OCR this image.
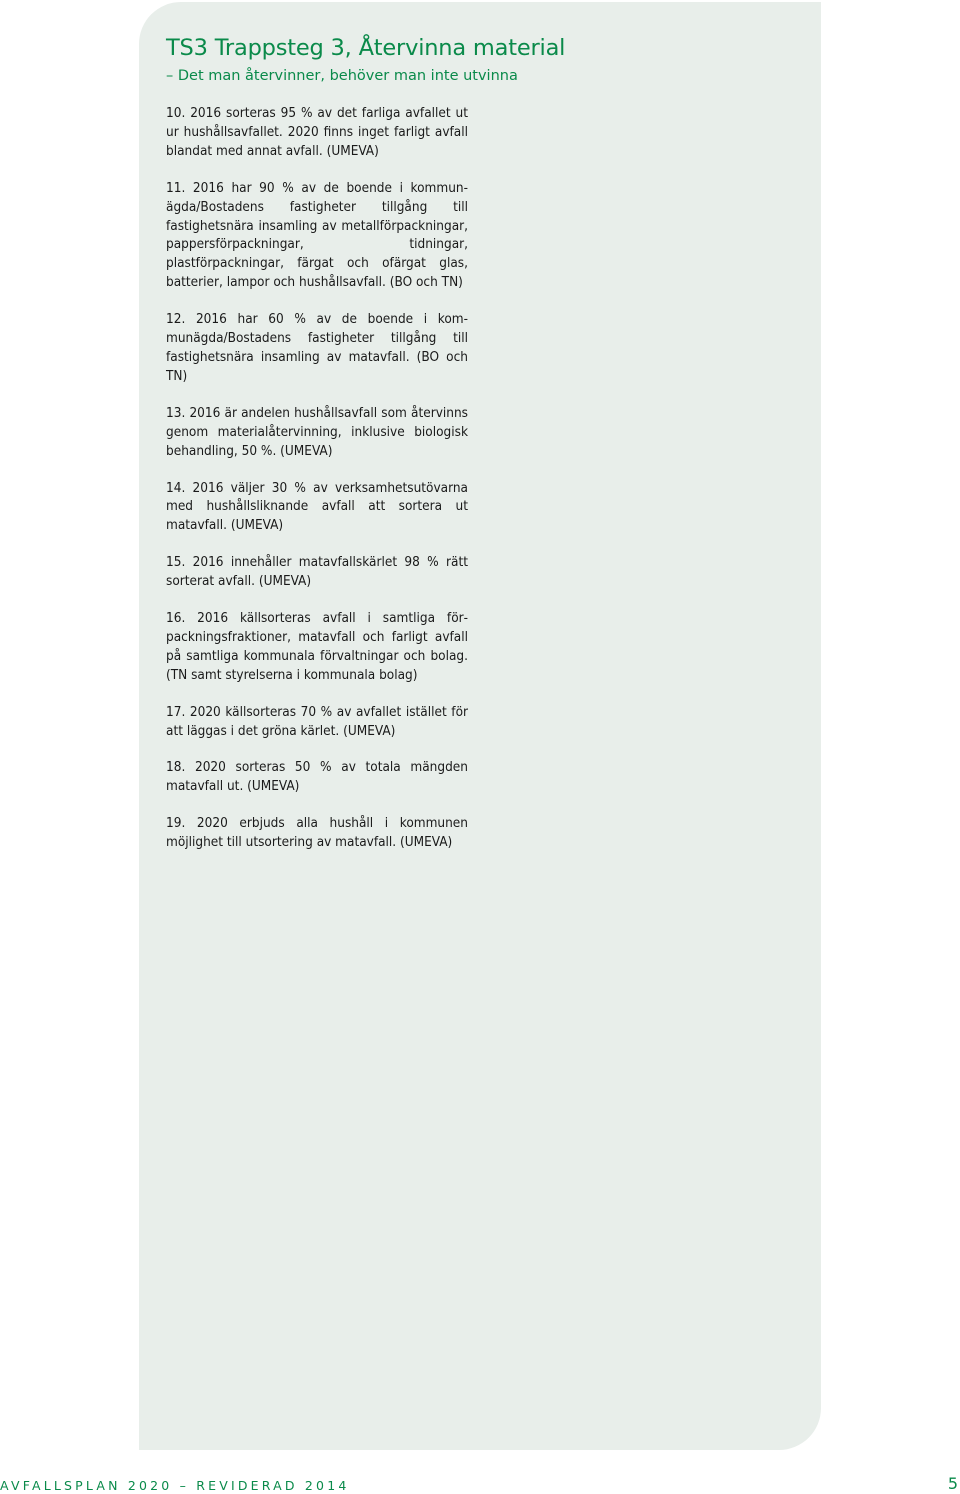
TS3 Trappsteg 3, Återvinna material

– Det man återvinner, behöver man inte utvinna

10. 2016 sorteras 95 % av det farliga avfallet ut ur hushållsavfallet. 2020 finns inget farligt avfall blandat med annat avfall. (UMEVA)

11. 2016 har 90 % av de boende i kommunägda/Bostadens fastigheter tillgång till fastighetsnära insamling av metallförpackningar, pappersförpackningar, tidningar, plastförpackningar, färgat och ofärgat glas, batterier, lampor och hushållsavfall. (BO och TN)

12. 2016 har 60 % av de boende i kommunägda/Bostadens fastigheter tillgång till fastighetsnära insamling av matavfall. (BO och TN)

13. 2016 är andelen hushållsavfall som återvinns genom materialåtervinning, inklusive biologisk behandling, 50 %. (UMEVA)

14. 2016 väljer 30 % av verksamhetsutövarna med hushållsliknande avfall att sortera ut matavfall. (UMEVA)

15. 2016 innehåller matavfallskärlet 98 % rätt sorterat avfall. (UMEVA)

16. 2016 källsorteras avfall i samtliga förpackningsfraktioner, matavfall och farligt avfall på samtliga kommunala förvaltningar och bolag. (TN samt styrelserna i kommunala bolag)

17. 2020 källsorteras 70 % av avfallet istället för att läggas i det gröna kärlet. (UMEVA)

18. 2020 sorteras 50 % av totala mängden matavfall ut. (UMEVA)

19. 2020 erbjuds alla hushåll i kommunen möjlighet till utsortering av matavfall. (UMEVA)

AVFALLSPLAN 2020 – REVIDERAD 2014	5
